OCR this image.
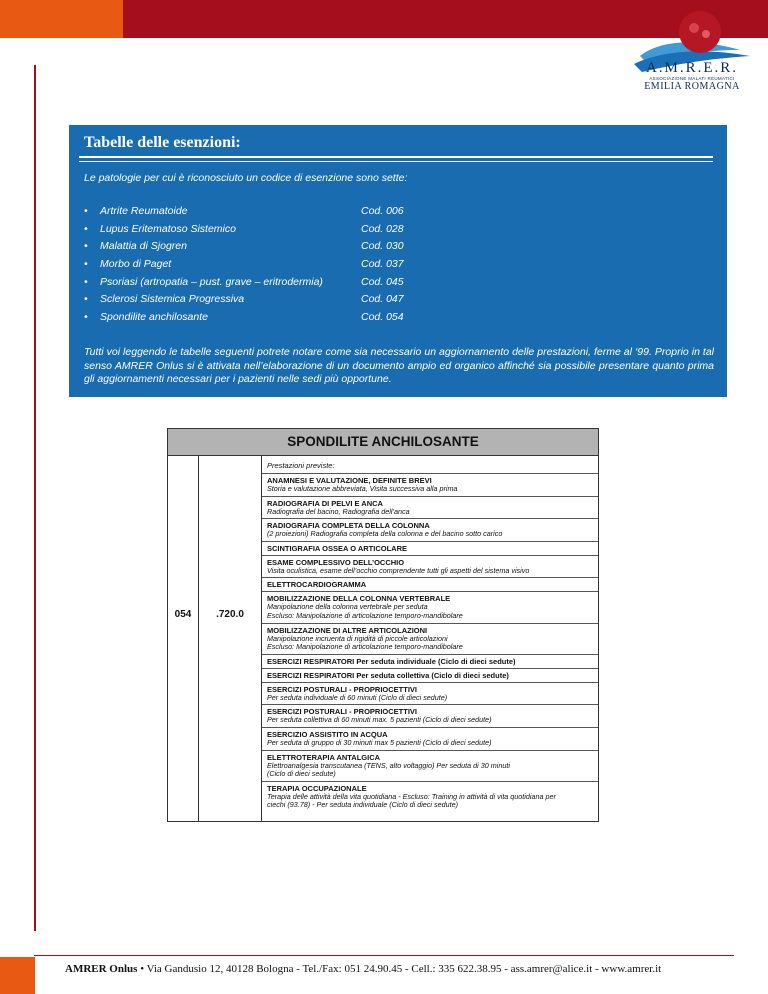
A.M.R.E.R.
ASSOCIAZIONE MALATI REUMATICI
EMILIA ROMAGNA
Tabelle delle esenzioni:
Le patologie per cui è riconosciuto un codice di esenzione sono sette:
• Artrite Reumatoide	Cod. 006
• Lupus Eritematoso Sistemico	Cod. 028
• Malattia di Sjogren	Cod. 030
• Morbo di Paget	Cod. 037
• Psoriasi (artropatia – pust. grave – eritrodermia)	Cod. 045
• Sclerosi Sistemica Progressiva	Cod. 047
• Spondilite anchilosante	Cod. 054
Tutti voi leggendo le tabelle seguenti potrete notare come sia necessario un aggiornamento delle prestazioni, ferme al ‘99. Proprio in tal senso AMRER Onlus si è attivata nell’elaborazione di un documento ampio ed organico affinché sia possibile presentare quanto prima gli aggiornamenti necessari per i pazienti nelle sedi più opportune.
SPONDILITE ANCHILOSANTE
054	.720.0
Prestazioni previste:
ANAMNESI E VALUTAZIONE, DEFINITE BREVI
Storia e valutazione abbreviata, Visita successiva alla prima
RADIOGRAFIA DI PELVI E ANCA
Radiografia del bacino, Radiografia dell’anca
RADIOGRAFIA COMPLETA DELLA COLONNA
(2 proiezioni) Radiografia completa della colonna e del bacino sotto carico
SCINTIGRAFIA OSSEA O ARTICOLARE
ESAME COMPLESSIVO DELL’OCCHIO
Visita oculistica, esame dell’occhio comprendente tutti gli aspetti del sistema visivo
ELETTROCARDIOGRAMMA
MOBILIZZAZIONE DELLA COLONNA VERTEBRALE
Manipolazione della colonna vertebrale per seduta
Escluso: Manipolazione di articolazione temporo-mandibolare
MOBILIZZAZIONE DI ALTRE ARTICOLAZIONI
Manipolazione incruenta di rigidità di piccole articolazioni
Escluso: Manipolazione di articolazione temporo-mandibolare
ESERCIZI RESPIRATORI Per seduta individuale (Ciclo di dieci sedute)
ESERCIZI RESPIRATORI Per seduta collettiva (Ciclo di dieci sedute)
ESERCIZI POSTURALI - PROPRIOCETTIVI
Per seduta individuale di 60 minuti (Ciclo di dieci sedute)
ESERCIZI POSTURALI - PROPRIOCETTIVI
Per seduta collettiva di 60 minuti max. 5 pazienti (Ciclo di dieci sedute)
ESERCIZIO ASSISTITO IN ACQUA
Per seduta di gruppo di 30 minuti max 5 pazienti (Ciclo di dieci sedute)
ELETTROTERAPIA ANTALGICA
Elettroanalgesia transcutanea (TENS, alto voltaggio) Per seduta di 30 minuti
(Ciclo di dieci sedute)
TERAPIA OCCUPAZIONALE
Terapia delle attività della vita quotidiana - Escluso: Training in attività di vita quotidiana per
ciechi (93.78) - Per seduta individuale (Ciclo di dieci sedute)
AMRER Onlus • Via Gandusio 12, 40128 Bologna - Tel./Fax: 051 24.90.45 - Cell.: 335 622.38.95 - ass.amrer@alice.it - www.amrer.it
